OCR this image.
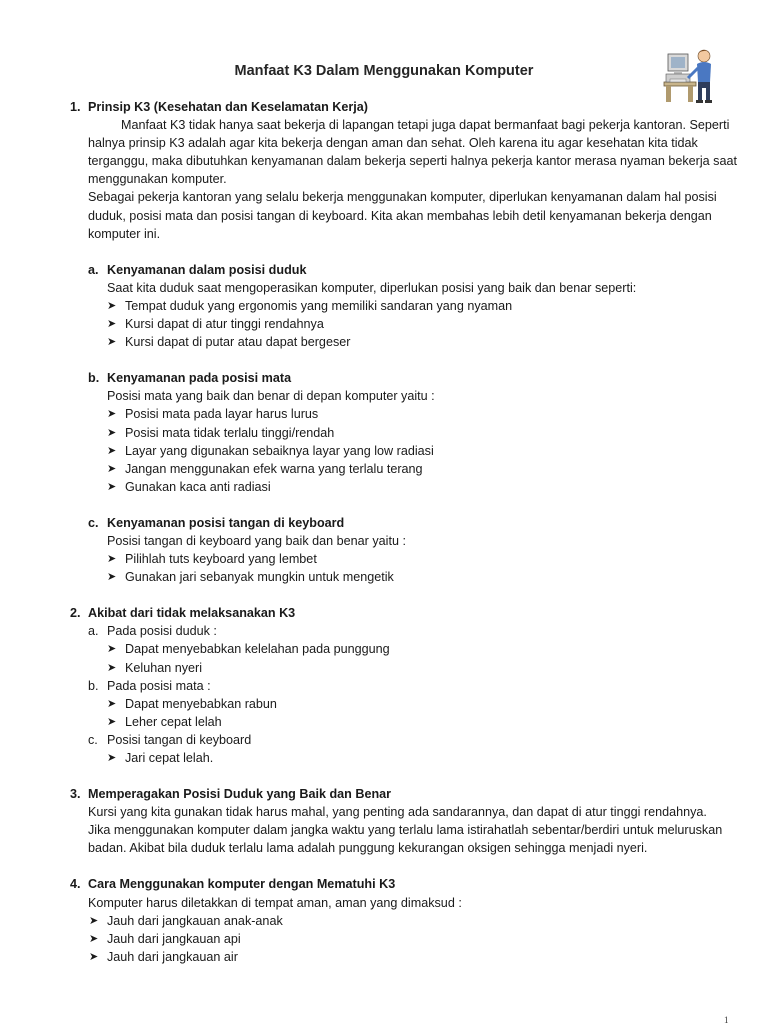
Manfaat K3 Dalam Menggunakan Komputer
1. Prinsip K3 (Kesehatan dan Keselamatan Kerja)
Manfaat K3 tidak hanya saat bekerja di lapangan tetapi juga dapat bermanfaat bagi pekerja kantoran. Seperti halnya prinsip K3 adalah agar kita bekerja dengan aman dan sehat. Oleh karena itu agar kesehatan kita tidak terganggu, maka dibutuhkan kenyamanan dalam bekerja seperti halnya pekerja kantor merasa nyaman bekerja saat menggunakan komputer.
Sebagai pekerja kantoran yang selalu bekerja menggunakan komputer, diperlukan kenyamanan dalam hal posisi duduk, posisi mata dan posisi tangan di keyboard. Kita akan membahas lebih detil kenyamanan bekerja dengan komputer ini.
a. Kenyamanan dalam posisi duduk
Saat kita duduk saat mengoperasikan komputer, diperlukan posisi yang baik dan benar seperti:
➤ Tempat duduk yang ergonomis yang memiliki sandaran yang nyaman
➤ Kursi dapat di atur tinggi rendahnya
➤ Kursi dapat di putar atau dapat bergeser
b. Kenyamanan pada posisi mata
Posisi mata yang baik dan benar di depan komputer yaitu :
➤ Posisi mata pada layar harus lurus
➤ Posisi mata tidak terlalu tinggi/rendah
➤ Layar yang digunakan sebaiknya layar yang low radiasi
➤ Jangan menggunakan efek warna yang terlalu terang
➤ Gunakan kaca anti radiasi
c. Kenyamanan posisi tangan di keyboard
Posisi tangan di keyboard yang baik dan benar yaitu :
➤ Pilihlah tuts keyboard yang lembet
➤ Gunakan jari sebanyak mungkin untuk mengetik
2. Akibat dari tidak melaksanakan K3
a. Pada posisi duduk :
➤ Dapat menyebabkan kelelahan pada punggung
➤ Keluhan nyeri
b. Pada posisi mata :
➤ Dapat menyebabkan rabun
➤ Leher cepat lelah
c. Posisi tangan di keyboard
➤ Jari cepat lelah.
3. Memperagakan Posisi Duduk yang Baik dan Benar
Kursi yang kita gunakan tidak harus mahal, yang penting ada sandarannya, dan dapat di atur tinggi rendahnya.
Jika menggunakan komputer dalam jangka waktu yang terlalu lama istirahatlah sebentar/berdiri untuk meluruskan badan. Akibat bila duduk terlalu lama adalah punggung kekurangan oksigen sehingga menjadi nyeri.
4. Cara Menggunakan komputer dengan Mematuhi K3
Komputer harus diletakkan di tempat aman, aman yang dimaksud :
➤ Jauh dari jangkauan anak-anak
➤ Jauh dari jangkauan api
➤ Jauh dari jangkauan air
1
